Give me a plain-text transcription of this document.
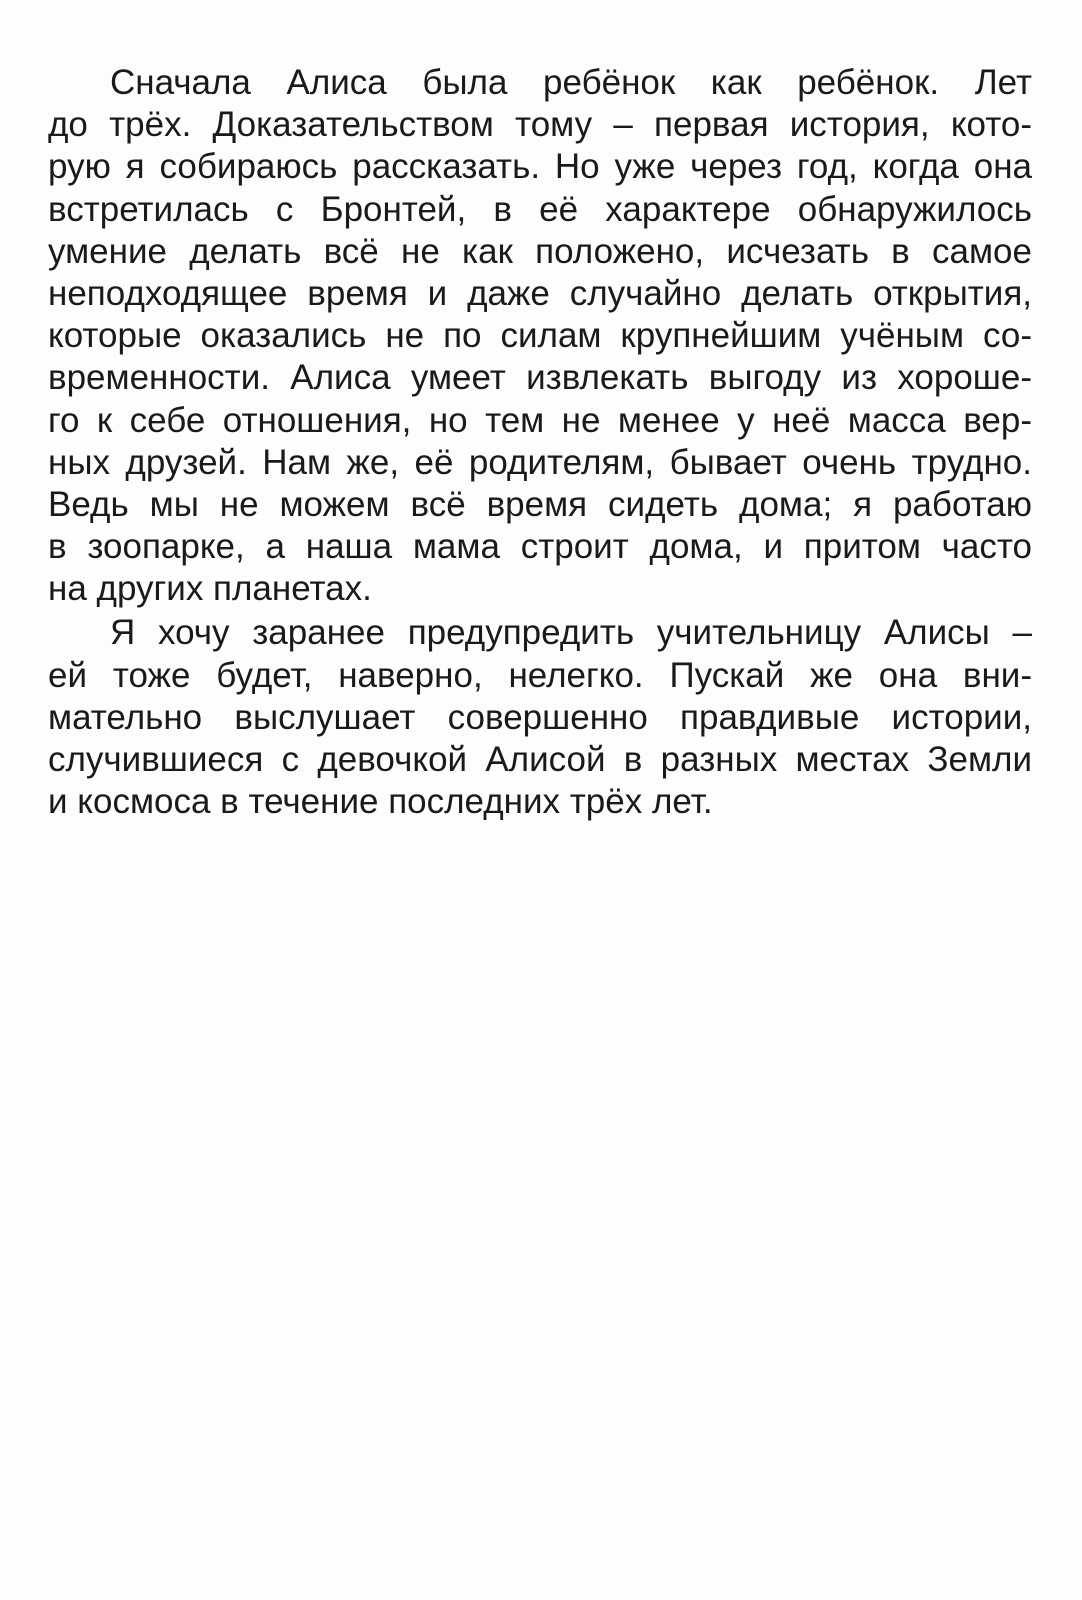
Сначала Алиса была ребёнок как ребёнок. Лет
до трёх. Доказательством тому – первая история, кото-
рую я собираюсь рассказать. Но уже через год, когда она
встретилась с Бронтей, в её характере обнаружилось
умение делать всё не как положено, исчезать в самое
неподходящее время и даже случайно делать открытия,
которые оказались не по силам крупнейшим учёным со-
временности. Алиса умеет извлекать выгоду из хороше-
го к себе отношения, но тем не менее у неё масса вер-
ных друзей. Нам же, её родителям, бывает очень трудно.
Ведь мы не можем всё время сидеть дома; я работаю
в зоопарке, а наша мама строит дома, и притом часто
на других планетах.
Я хочу заранее предупредить учительницу Алисы –
ей тоже будет, наверно, нелегко. Пускай же она вни-
мательно выслушает совершенно правдивые истории,
случившиеся с девочкой Алисой в разных местах Земли
и космоса в течение последних трёх лет.
